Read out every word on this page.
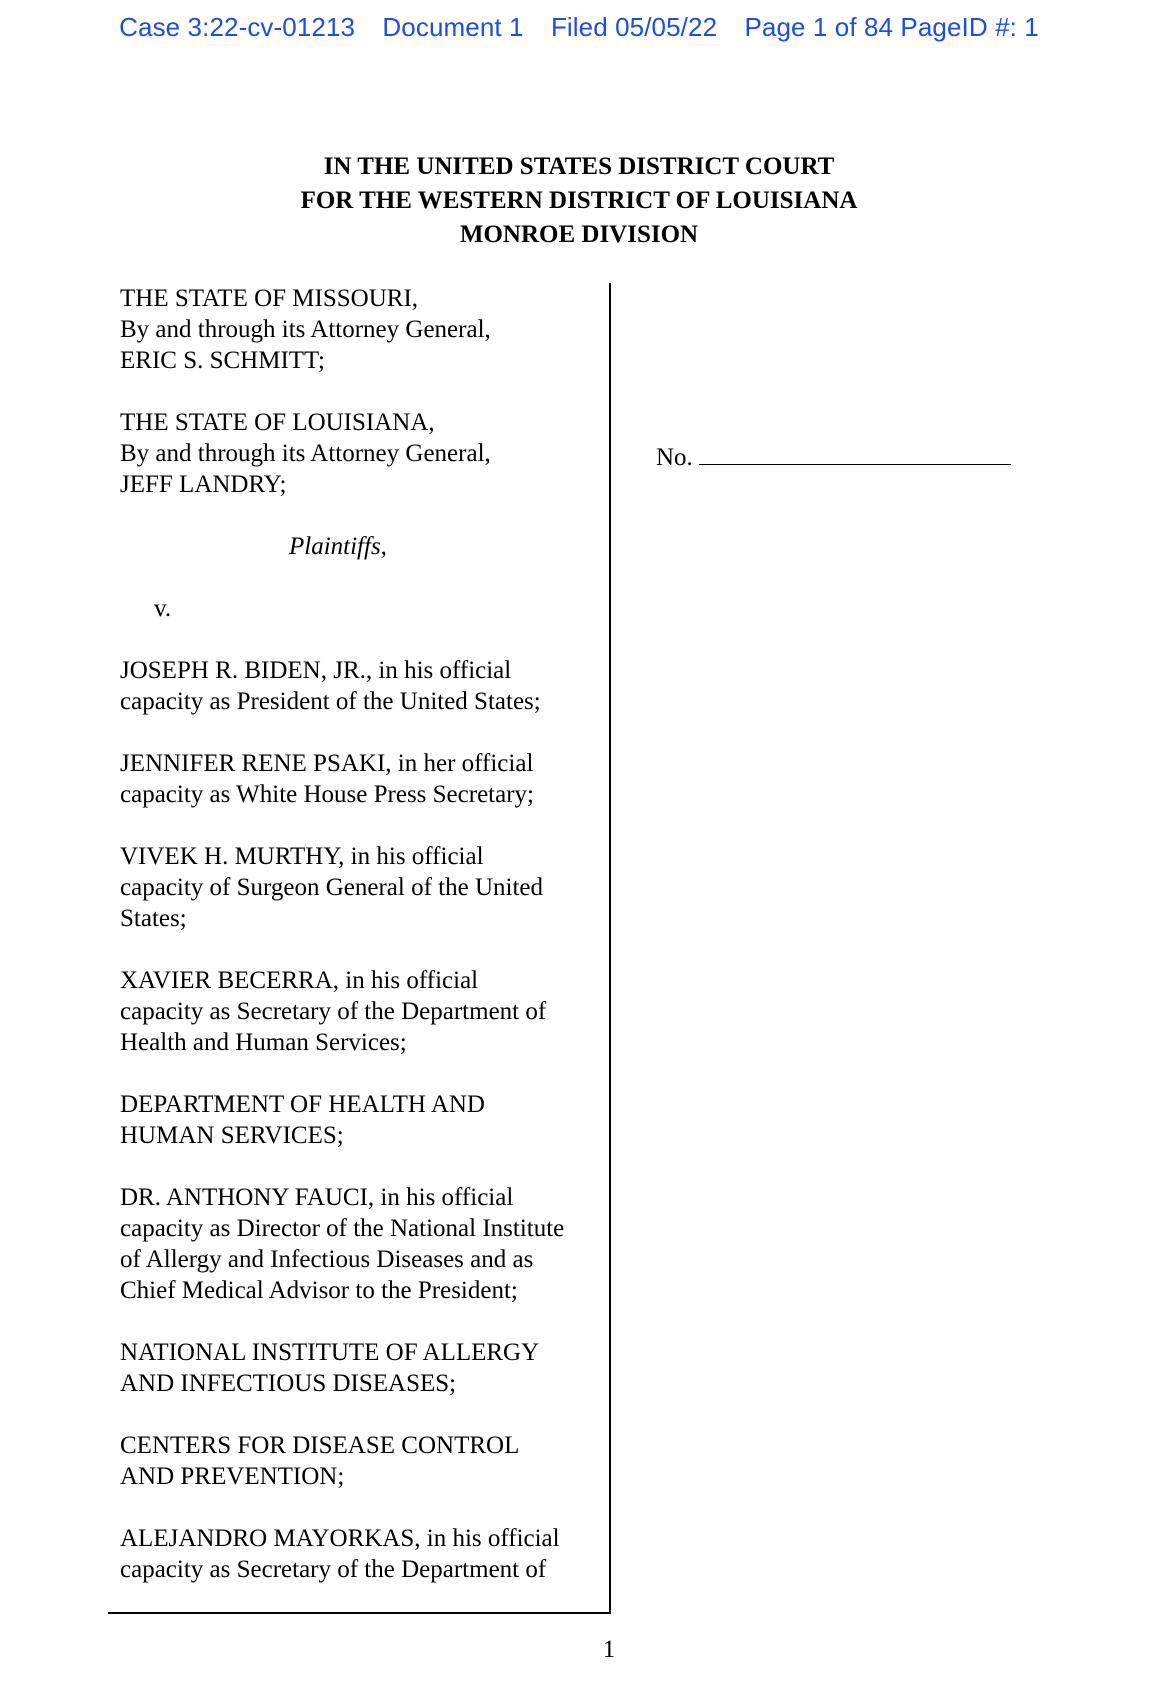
Case 3:22-cv-01213 Document 1 Filed 05/05/22 Page 1 of 84 PageID #: 1
IN THE UNITED STATES DISTRICT COURT
FOR THE WESTERN DISTRICT OF LOUISIANA
MONROE DIVISION
THE STATE OF MISSOURI,
By and through its Attorney General,
ERIC S. SCHMITT;
THE STATE OF LOUISIANA,
By and through its Attorney General,
JEFF LANDRY;
Plaintiffs,
v.
JOSEPH R. BIDEN, JR., in his official
capacity as President of the United States;
JENNIFER RENE PSAKI, in her official
capacity as White House Press Secretary;
VIVEK H. MURTHY, in his official
capacity of Surgeon General of the United
States;
XAVIER BECERRA, in his official
capacity as Secretary of the Department of
Health and Human Services;
DEPARTMENT OF HEALTH AND
HUMAN SERVICES;
DR. ANTHONY FAUCI, in his official
capacity as Director of the National Institute
of Allergy and Infectious Diseases and as
Chief Medical Advisor to the President;
NATIONAL INSTITUTE OF ALLERGY
AND INFECTIOUS DISEASES;
CENTERS FOR DISEASE CONTROL
AND PREVENTION;
ALEJANDRO MAYORKAS, in his official
capacity as Secretary of the Department of
No.
1
